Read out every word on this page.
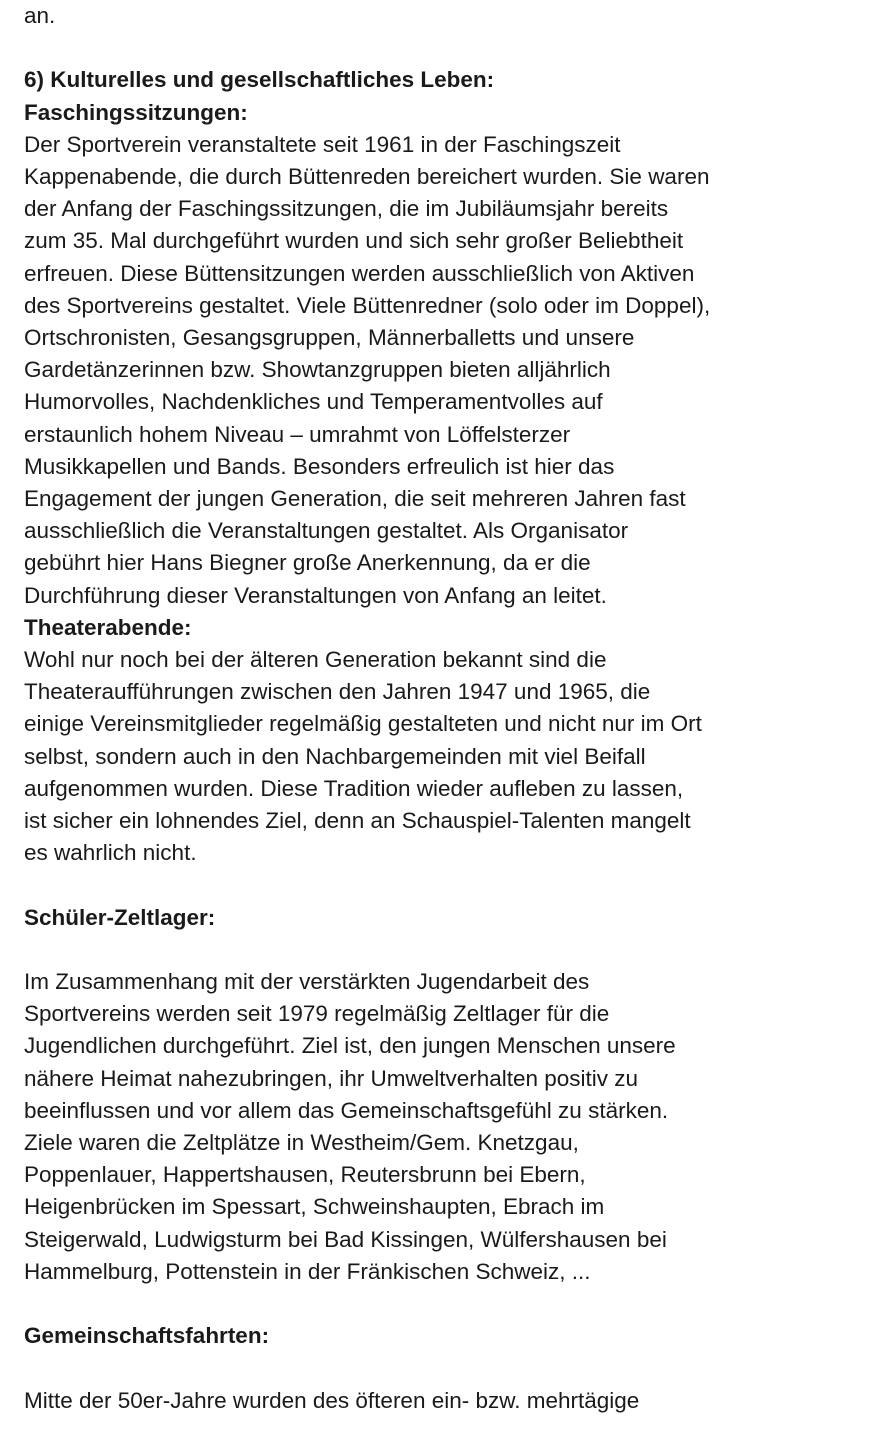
an.

6) Kulturelles und gesellschaftliches Leben:

Faschingssitzungen:

Der Sportverein veranstaltete seit 1961 in der Faschingszeit

Kappenabende, die durch Büttenreden bereichert wurden. Sie waren

der Anfang der Faschingssitzungen, die im Jubiläumsjahr bereits

zum 35. Mal durchgeführt wurden und sich sehr großer Beliebtheit

erfreuen. Diese Büttensitzungen werden ausschließlich von Aktiven

des Sportvereins gestaltet. Viele Büttenredner (solo oder im Doppel),

Ortschronisten, Gesangsgruppen, Männerballetts und unsere

Gardetänzerinnen bzw. Showtanzgruppen bieten alljährlich

Humorvolles, Nachdenkliches und Temperamentvolles auf

erstaunlich hohem Niveau – umrahmt von Löffelsterzer

Musikkapellen und Bands. Besonders erfreulich ist hier das

Engagement der jungen Generation, die seit mehreren Jahren fast

ausschließlich die Veranstaltungen gestaltet. Als Organisator

gebührt hier Hans Biegner große Anerkennung, da er die

Durchführung dieser Veranstaltungen von Anfang an leitet.

Theaterabende:

Wohl nur noch bei der älteren Generation bekannt sind die

Theateraufführungen zwischen den Jahren 1947 und 1965, die

einige Vereinsmitglieder regelmäßig gestalteten und nicht nur im Ort

selbst, sondern auch in den Nachbargemeinden mit viel Beifall

aufgenommen wurden. Diese Tradition wieder aufleben zu lassen,

ist sicher ein lohnendes Ziel, denn an Schauspiel-Talenten mangelt

es wahrlich nicht.

Schüler-Zeltlager:

Im Zusammenhang mit der verstärkten Jugendarbeit des

Sportvereins werden seit 1979 regelmäßig Zeltlager für die

Jugendlichen durchgeführt. Ziel ist, den jungen Menschen unsere

nähere Heimat nahezubringen, ihr Umweltverhalten positiv zu

beeinflussen und vor allem das Gemeinschaftsgefühl zu stärken.

Ziele waren die Zeltplätze in Westheim/Gem. Knetzgau,

Poppenlauer, Happertshausen, Reutersbrunn bei Ebern,

Heigenbrücken im Spessart, Schweinshaupten, Ebrach im

Steigerwald, Ludwigsturm bei Bad Kissingen, Wülfershausen bei

Hammelburg, Pottenstein in der Fränkischen Schweiz, ...

Gemeinschaftsfahrten:

Mitte der 50er-Jahre wurden des öfteren ein- bzw. mehrtägige
